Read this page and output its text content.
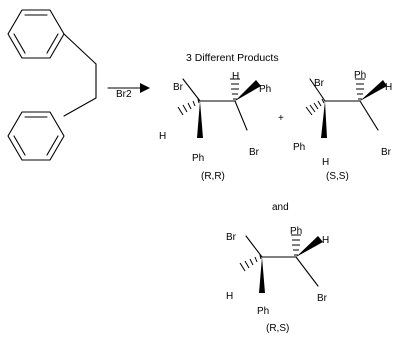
Br2
3 Different Products
Br
H
Ph
H
Ph
Br
(R,R)
+
Br
Ph
H
Ph
H
Br
(S,S)
and
Br
Ph
H
H
Ph
Br
(R,S)
